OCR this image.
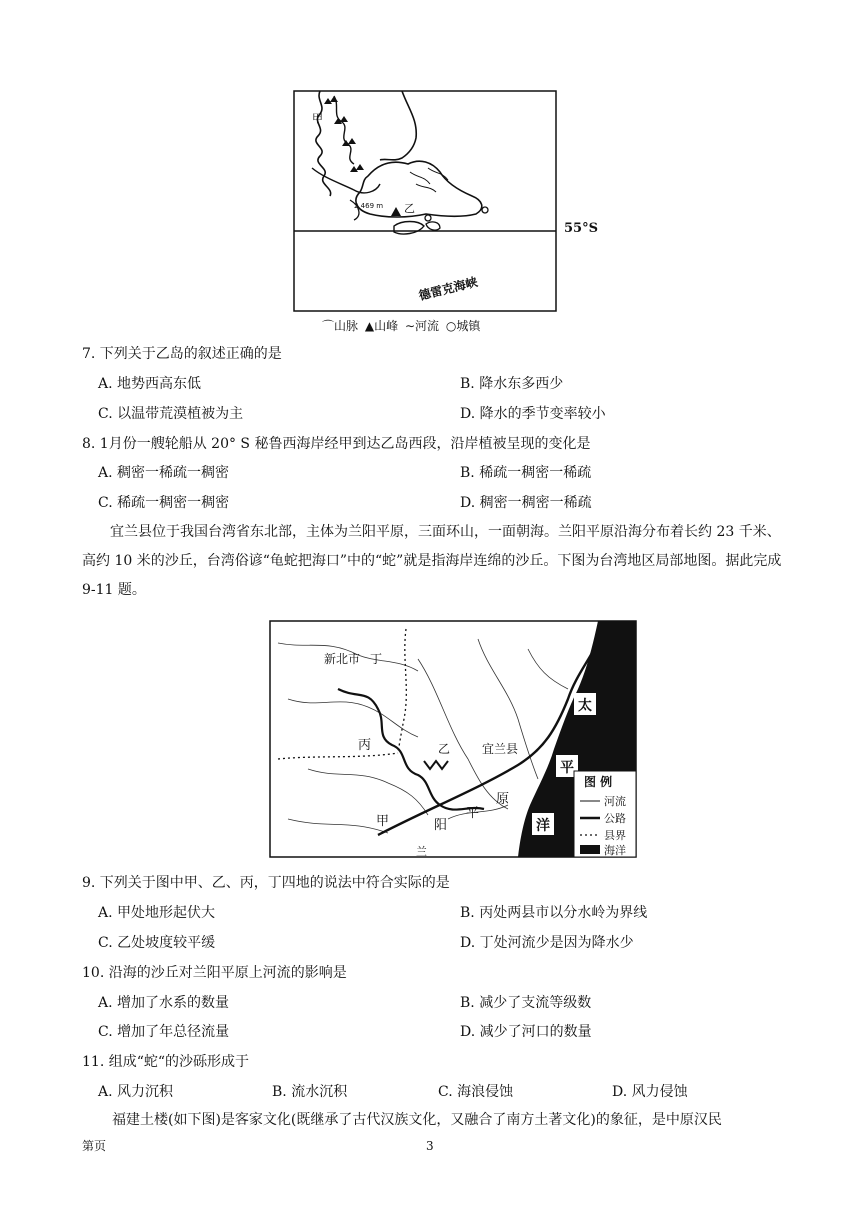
2 469 m
甲
乙
德雷克海峡
55°S
⌒山脉 ▲山峰 ∼河流 ○城镇
7. 下列关于乙岛的叙述正确的是
A. 地势西高东低	B. 降水东多西少
C. 以温带荒漠植被为主	D. 降水的季节变率较小
8. 1月份一艘轮船从 20° S 秘鲁西海岸经甲到达乙岛西段，沿岸植被呈现的变化是
A. 稠密一稀疏一稠密	B. 稀疏一稠密一稀疏
C. 稀疏一稠密一稠密	D. 稠密一稠密一稀疏
宜兰县位于我国台湾省东北部，主体为兰阳平原，三面环山，一面朝海。兰阳平原沿海分布着长约 23 千米、高约 10 米的沙丘，台湾俗谚“龟蛇把海口”中的“蛇”就是指海岸连绵的沙丘。下图为台湾地区局部地图。据此完成 9-11 题。
新北市 丁
丙	乙	宜兰县
甲	阳
平
原
兰
太
平
洋
图 例
河流
公路
县界
海洋
9. 下列关于图中甲、乙、丙，丁四地的说法中符合实际的是
A. 甲处地形起伏大	B. 丙处两县市以分水岭为界线
C. 乙处坡度较平缓	D. 丁处河流少是因为降水少
10. 沿海的沙丘对兰阳平原上河流的影响是
A. 增加了水系的数量	B. 减少了支流等级数
C. 增加了年总径流量	D. 减少了河口的数量
11. 组成“蛇“的沙砾形成于
A. 风力沉积	B. 流水沉积	C. 海浪侵蚀	D. 风力侵蚀
福建土楼(如下图)是客家文化(既继承了古代汉族文化，又融合了南方土著文化)的象征，是中原汉民
第页	3
